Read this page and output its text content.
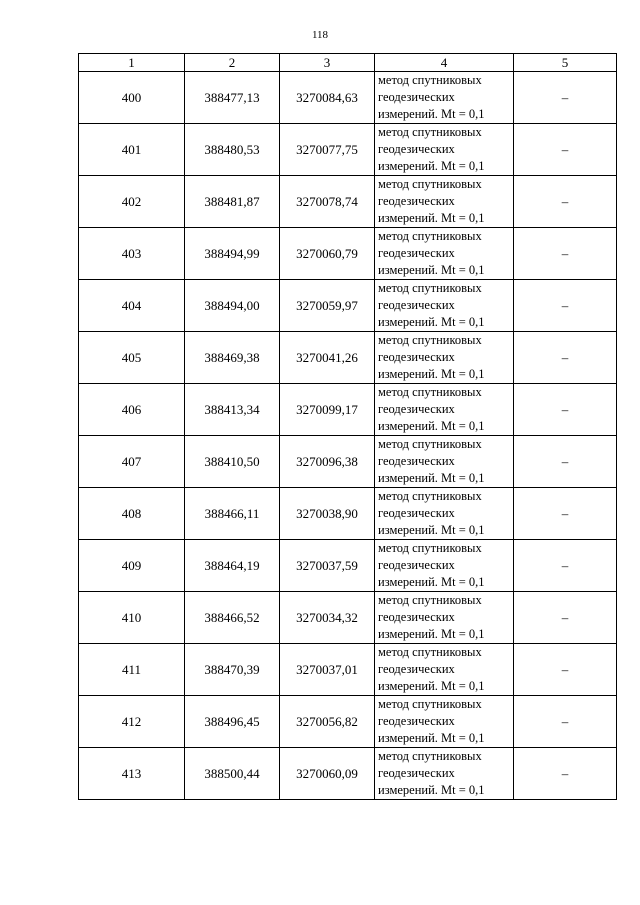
118
1	2	3	4	5
400	388477,13	3270084,63	метод спутниковых
геодезических
измерений. Mt = 0,1	–
401	388480,53	3270077,75	метод спутниковых
геодезических
измерений. Mt = 0,1	–
402	388481,87	3270078,74	метод спутниковых
геодезических
измерений. Mt = 0,1	–
403	388494,99	3270060,79	метод спутниковых
геодезических
измерений. Mt = 0,1	–
404	388494,00	3270059,97	метод спутниковых
геодезических
измерений. Mt = 0,1	–
405	388469,38	3270041,26	метод спутниковых
геодезических
измерений. Mt = 0,1	–
406	388413,34	3270099,17	метод спутниковых
геодезических
измерений. Mt = 0,1	–
407	388410,50	3270096,38	метод спутниковых
геодезических
измерений. Mt = 0,1	–
408	388466,11	3270038,90	метод спутниковых
геодезических
измерений. Mt = 0,1	–
409	388464,19	3270037,59	метод спутниковых
геодезических
измерений. Mt = 0,1	–
410	388466,52	3270034,32	метод спутниковых
геодезических
измерений. Mt = 0,1	–
411	388470,39	3270037,01	метод спутниковых
геодезических
измерений. Mt = 0,1	–
412	388496,45	3270056,82	метод спутниковых
геодезических
измерений. Mt = 0,1	–
413	388500,44	3270060,09	метод спутниковых
геодезических
измерений. Mt = 0,1	–
